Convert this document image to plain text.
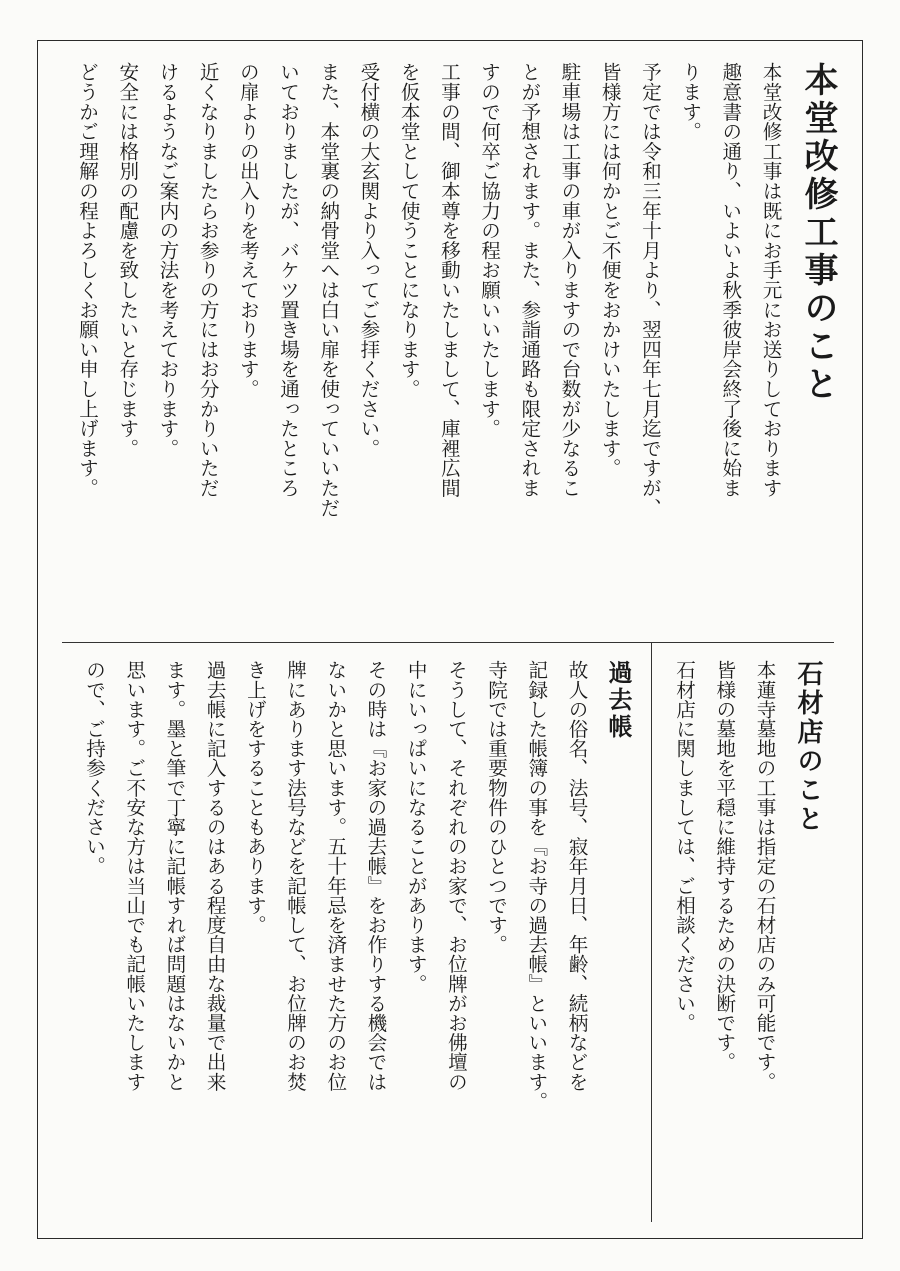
本堂改修工事のこと

本堂改修工事は既にお手元にお送りしております

趣意書の通り、いよいよ秋季彼岸会終了後に始ま

ります。

予定では令和三年十月より、翌四年七月迄ですが、

皆様方には何かとご不便をおかけいたします。

駐車場は工事の車が入りますので台数が少なるこ

とが予想されます。また、参詣通路も限定されま

すので何卒ご協力の程お願いいたします。

工事の間、御本尊を移動いたしまして、庫裡広間

を仮本堂として使うことになります。

受付横の大玄関より入ってご参拝ください。

また、本堂裏の納骨堂へは白い扉を使っていいただ

いておりましたが、バケツ置き場を通ったところ

の扉よりの出入りを考えております。

近くなりましたらお参りの方にはお分かりいただ

けるようなご案内の方法を考えております。

安全には格別の配慮を致したいと存じます。

どうかご理解の程よろしくお願い申し上げます。

石材店のこと

本蓮寺墓地の工事は指定の石材店のみ可能です。

皆様の墓地を平穏に維持するための決断です。

石材店に関しましては、ご相談ください。

過去帳

故人の俗名、法号、寂年月日、年齢、続柄などを

記録した帳簿の事を『お寺の過去帳』といいます。

寺院では重要物件のひとつです。

そうして、それぞれのお家で、お位牌がお佛壇の

中にいっぱいになることがあります。

その時は『お家の過去帳』をお作りする機会では

ないかと思います。五十年忌を済ませた方のお位

牌にあります法号などを記帳して、お位牌のお焚

き上げをすることもあります。

過去帳に記入するのはある程度自由な裁量で出来

ます。墨と筆で丁寧に記帳すれば問題はないかと

思います。ご不安な方は当山でも記帳いたします

ので、ご持参ください。
